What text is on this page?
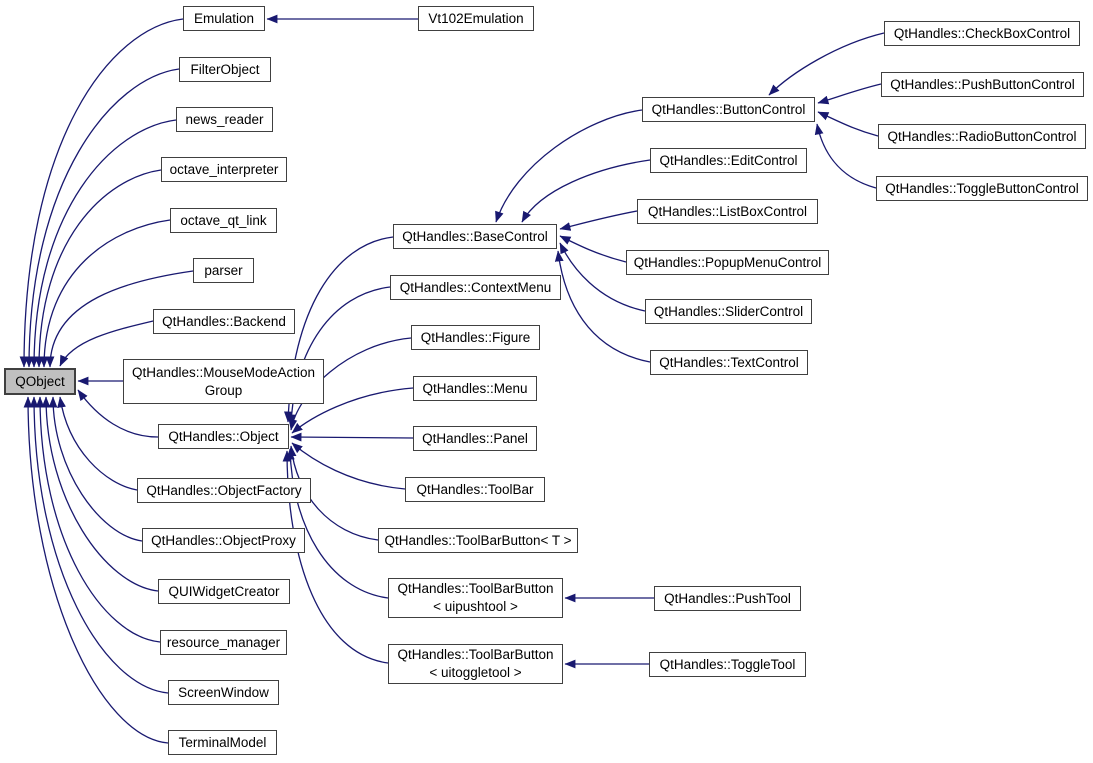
QObject
Emulation
FilterObject
news_reader
octave_interpreter
octave_qt_link
parser
QtHandles::Backend
QtHandles::MouseModeAction
Group
QtHandles::Object
QtHandles::ObjectFactory
QtHandles::ObjectProxy
QUIWidgetCreator
resource_manager
ScreenWindow
TerminalModel
Vt102Emulation
QtHandles::BaseControl
QtHandles::ContextMenu
QtHandles::Figure
QtHandles::Menu
QtHandles::Panel
QtHandles::ToolBar
QtHandles::ToolBarButton< T >
QtHandles::ToolBarButton
< uipushtool >
QtHandles::ToolBarButton
< uitoggletool >
QtHandles::ButtonControl
QtHandles::EditControl
QtHandles::ListBoxControl
QtHandles::PopupMenuControl
QtHandles::SliderControl
QtHandles::TextControl
QtHandles::PushTool
QtHandles::ToggleTool
QtHandles::CheckBoxControl
QtHandles::PushButtonControl
QtHandles::RadioButtonControl
QtHandles::ToggleButtonControl
